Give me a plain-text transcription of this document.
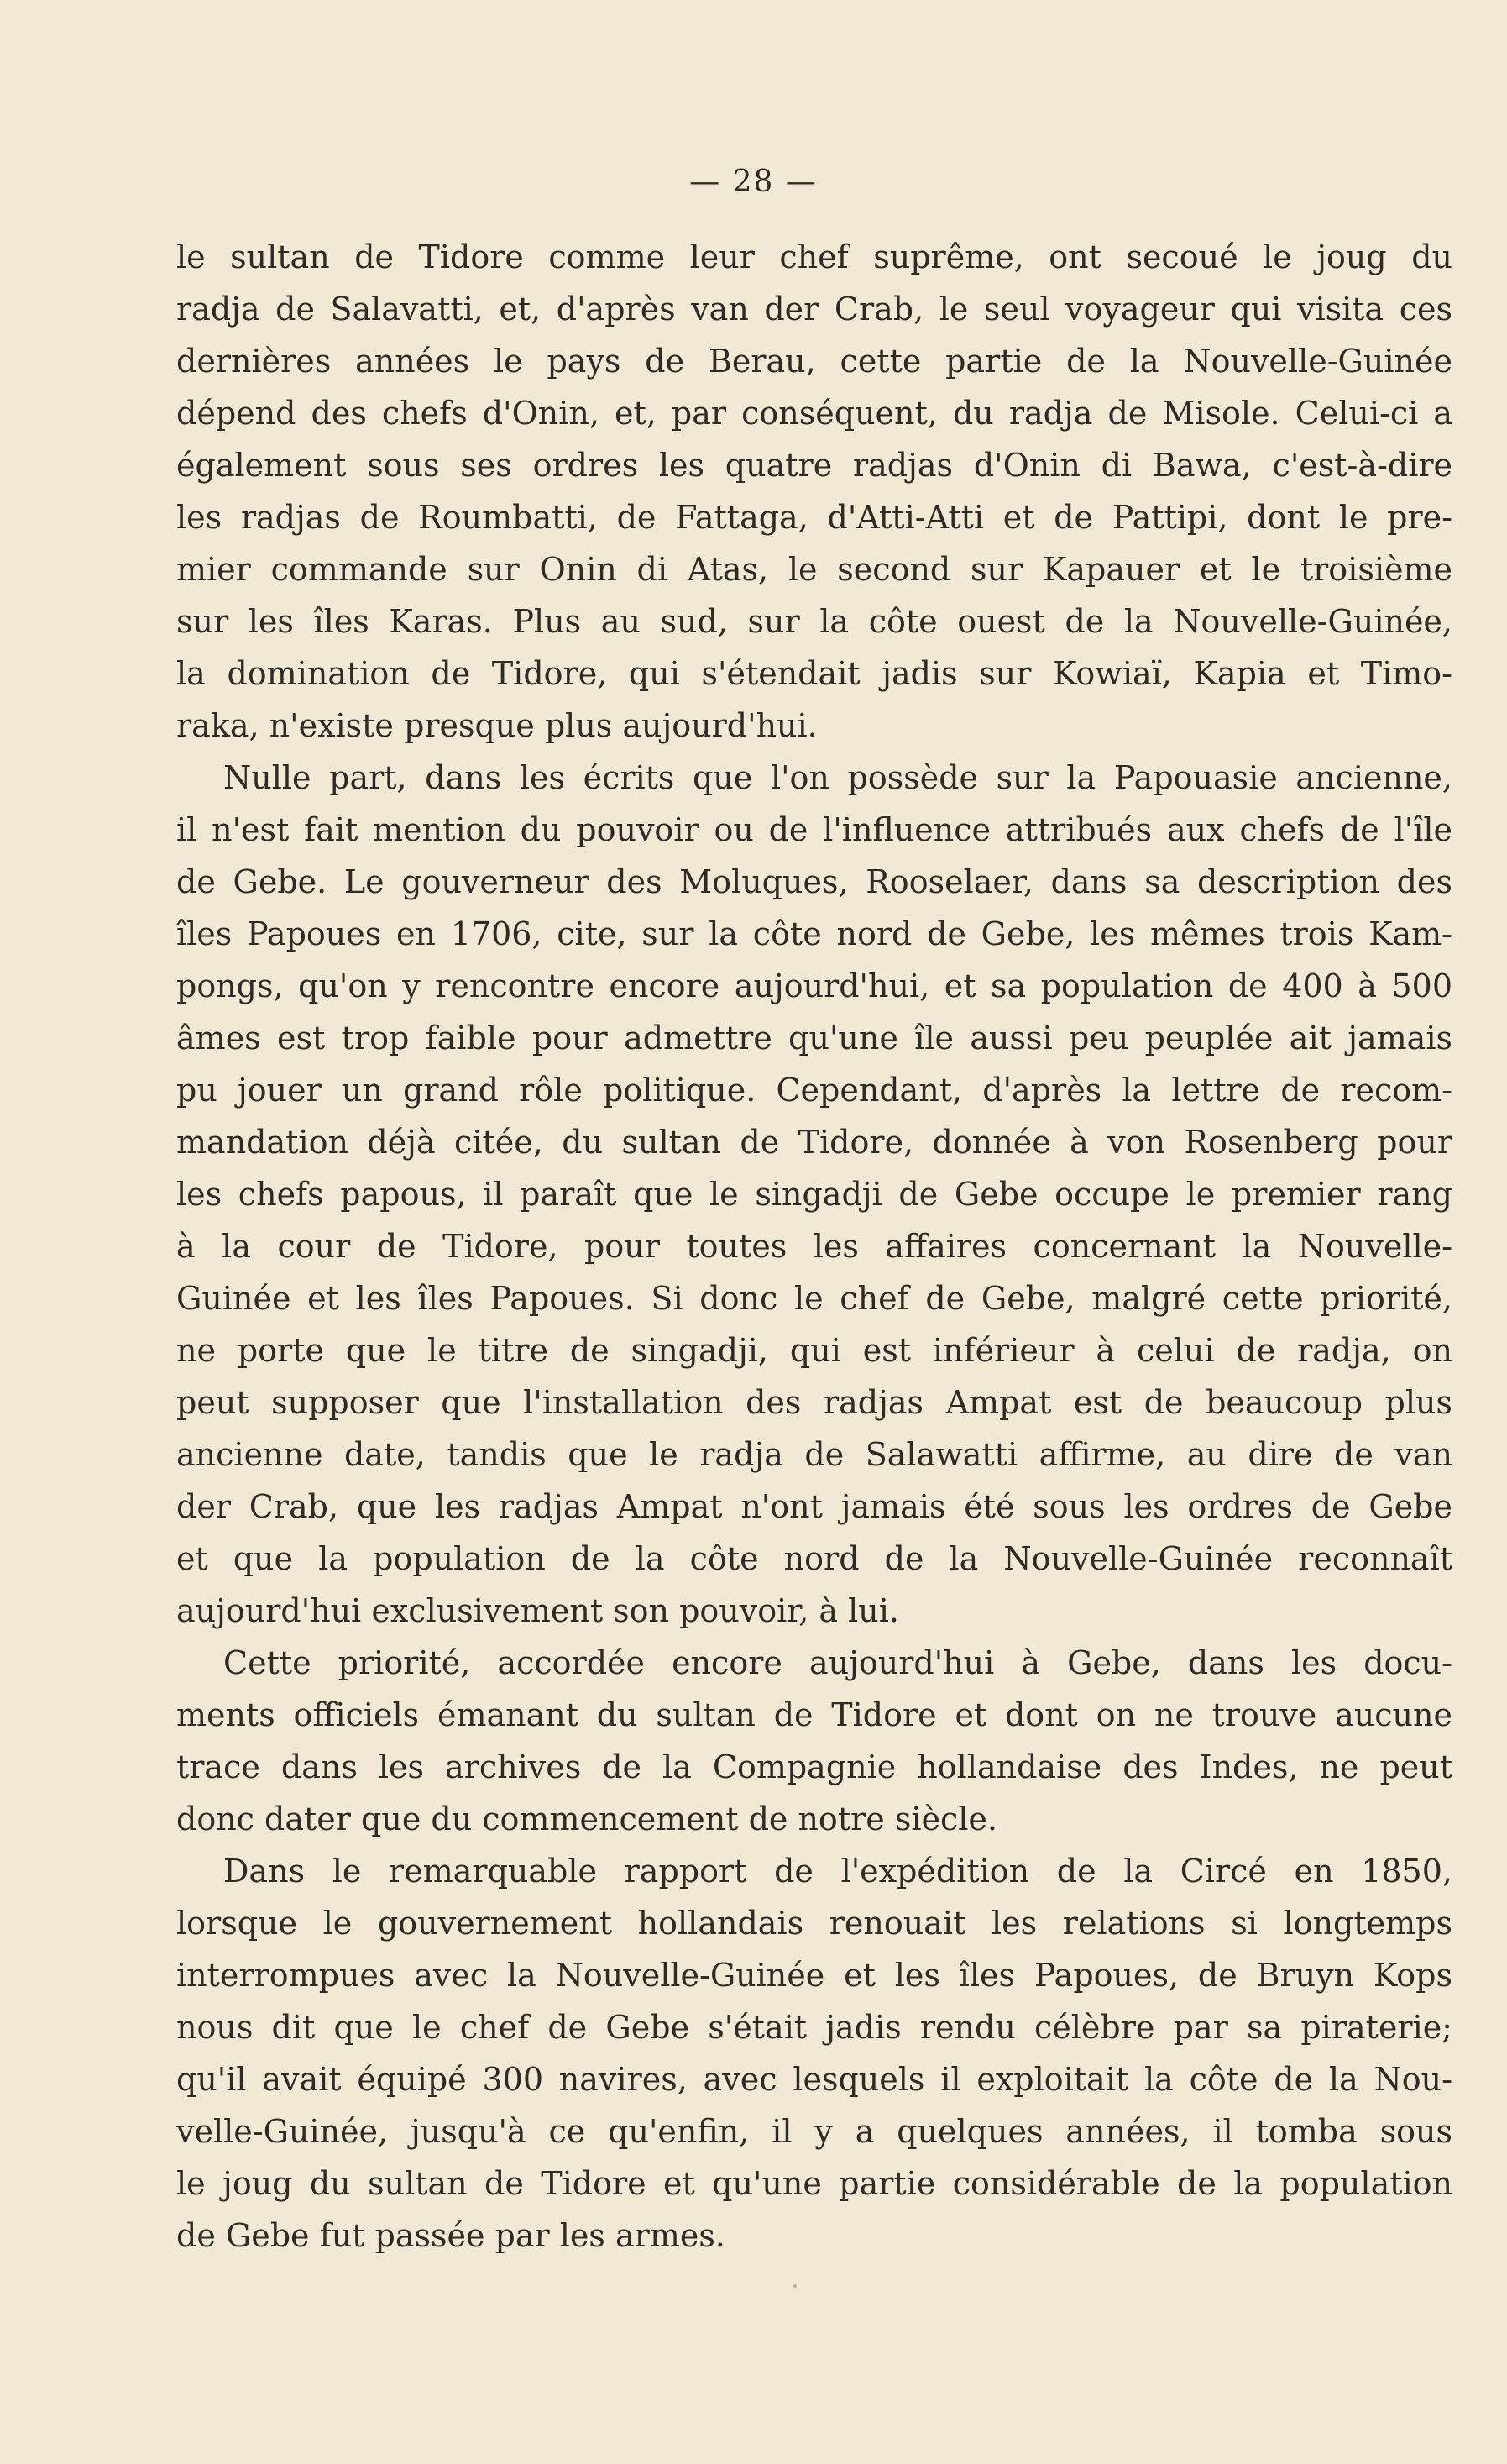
— 28 —
le sultan de Tidore comme leur chef suprême, ont secoué le joug du
radja de Salavatti, et, d'après van der Crab, le seul voyageur qui visita ces
dernières années le pays de Berau, cette partie de la Nouvelle-Guinée
dépend des chefs d'Onin, et, par conséquent, du radja de Misole. Celui-ci a
également sous ses ordres les quatre radjas d'Onin di Bawa, c'est-à-dire
les radjas de Roumbatti, de Fattaga, d'Atti-Atti et de Pattipi, dont le pre-
mier commande sur Onin di Atas, le second sur Kapauer et le troisième
sur les îles Karas. Plus au sud, sur la côte ouest de la Nouvelle-Guinée,
la domination de Tidore, qui s'étendait jadis sur Kowiaï, Kapia et Timo-
raka, n'existe presque plus aujourd'hui.
Nulle part, dans les écrits que l'on possède sur la Papouasie ancienne,
il n'est fait mention du pouvoir ou de l'influence attribués aux chefs de l'île
de Gebe. Le gouverneur des Moluques, Rooselaer, dans sa description des
îles Papoues en 1706, cite, sur la côte nord de Gebe, les mêmes trois Kam-
pongs, qu'on y rencontre encore aujourd'hui, et sa population de 400 à 500
âmes est trop faible pour admettre qu'une île aussi peu peuplée ait jamais
pu jouer un grand rôle politique. Cependant, d'après la lettre de recom-
mandation déjà citée, du sultan de Tidore, donnée à von Rosenberg pour
les chefs papous, il paraît que le singadji de Gebe occupe le premier rang
à la cour de Tidore, pour toutes les affaires concernant la Nouvelle-
Guinée et les îles Papoues. Si donc le chef de Gebe, malgré cette priorité,
ne porte que le titre de singadji, qui est inférieur à celui de radja, on
peut supposer que l'installation des radjas Ampat est de beaucoup plus
ancienne date, tandis que le radja de Salawatti affirme, au dire de van
der Crab, que les radjas Ampat n'ont jamais été sous les ordres de Gebe
et que la population de la côte nord de la Nouvelle-Guinée reconnaît
aujourd'hui exclusivement son pouvoir, à lui.
Cette priorité, accordée encore aujourd'hui à Gebe, dans les docu-
ments officiels émanant du sultan de Tidore et dont on ne trouve aucune
trace dans les archives de la Compagnie hollandaise des Indes, ne peut
donc dater que du commencement de notre siècle.
Dans le remarquable rapport de l'expédition de la Circé en 1850,
lorsque le gouvernement hollandais renouait les relations si longtemps
interrompues avec la Nouvelle-Guinée et les îles Papoues, de Bruyn Kops
nous dit que le chef de Gebe s'était jadis rendu célèbre par sa piraterie;
qu'il avait équipé 300 navires, avec lesquels il exploitait la côte de la Nou-
velle-Guinée, jusqu'à ce qu'enfin, il y a quelques années, il tomba sous
le joug du sultan de Tidore et qu'une partie considérable de la population
de Gebe fut passée par les armes.
